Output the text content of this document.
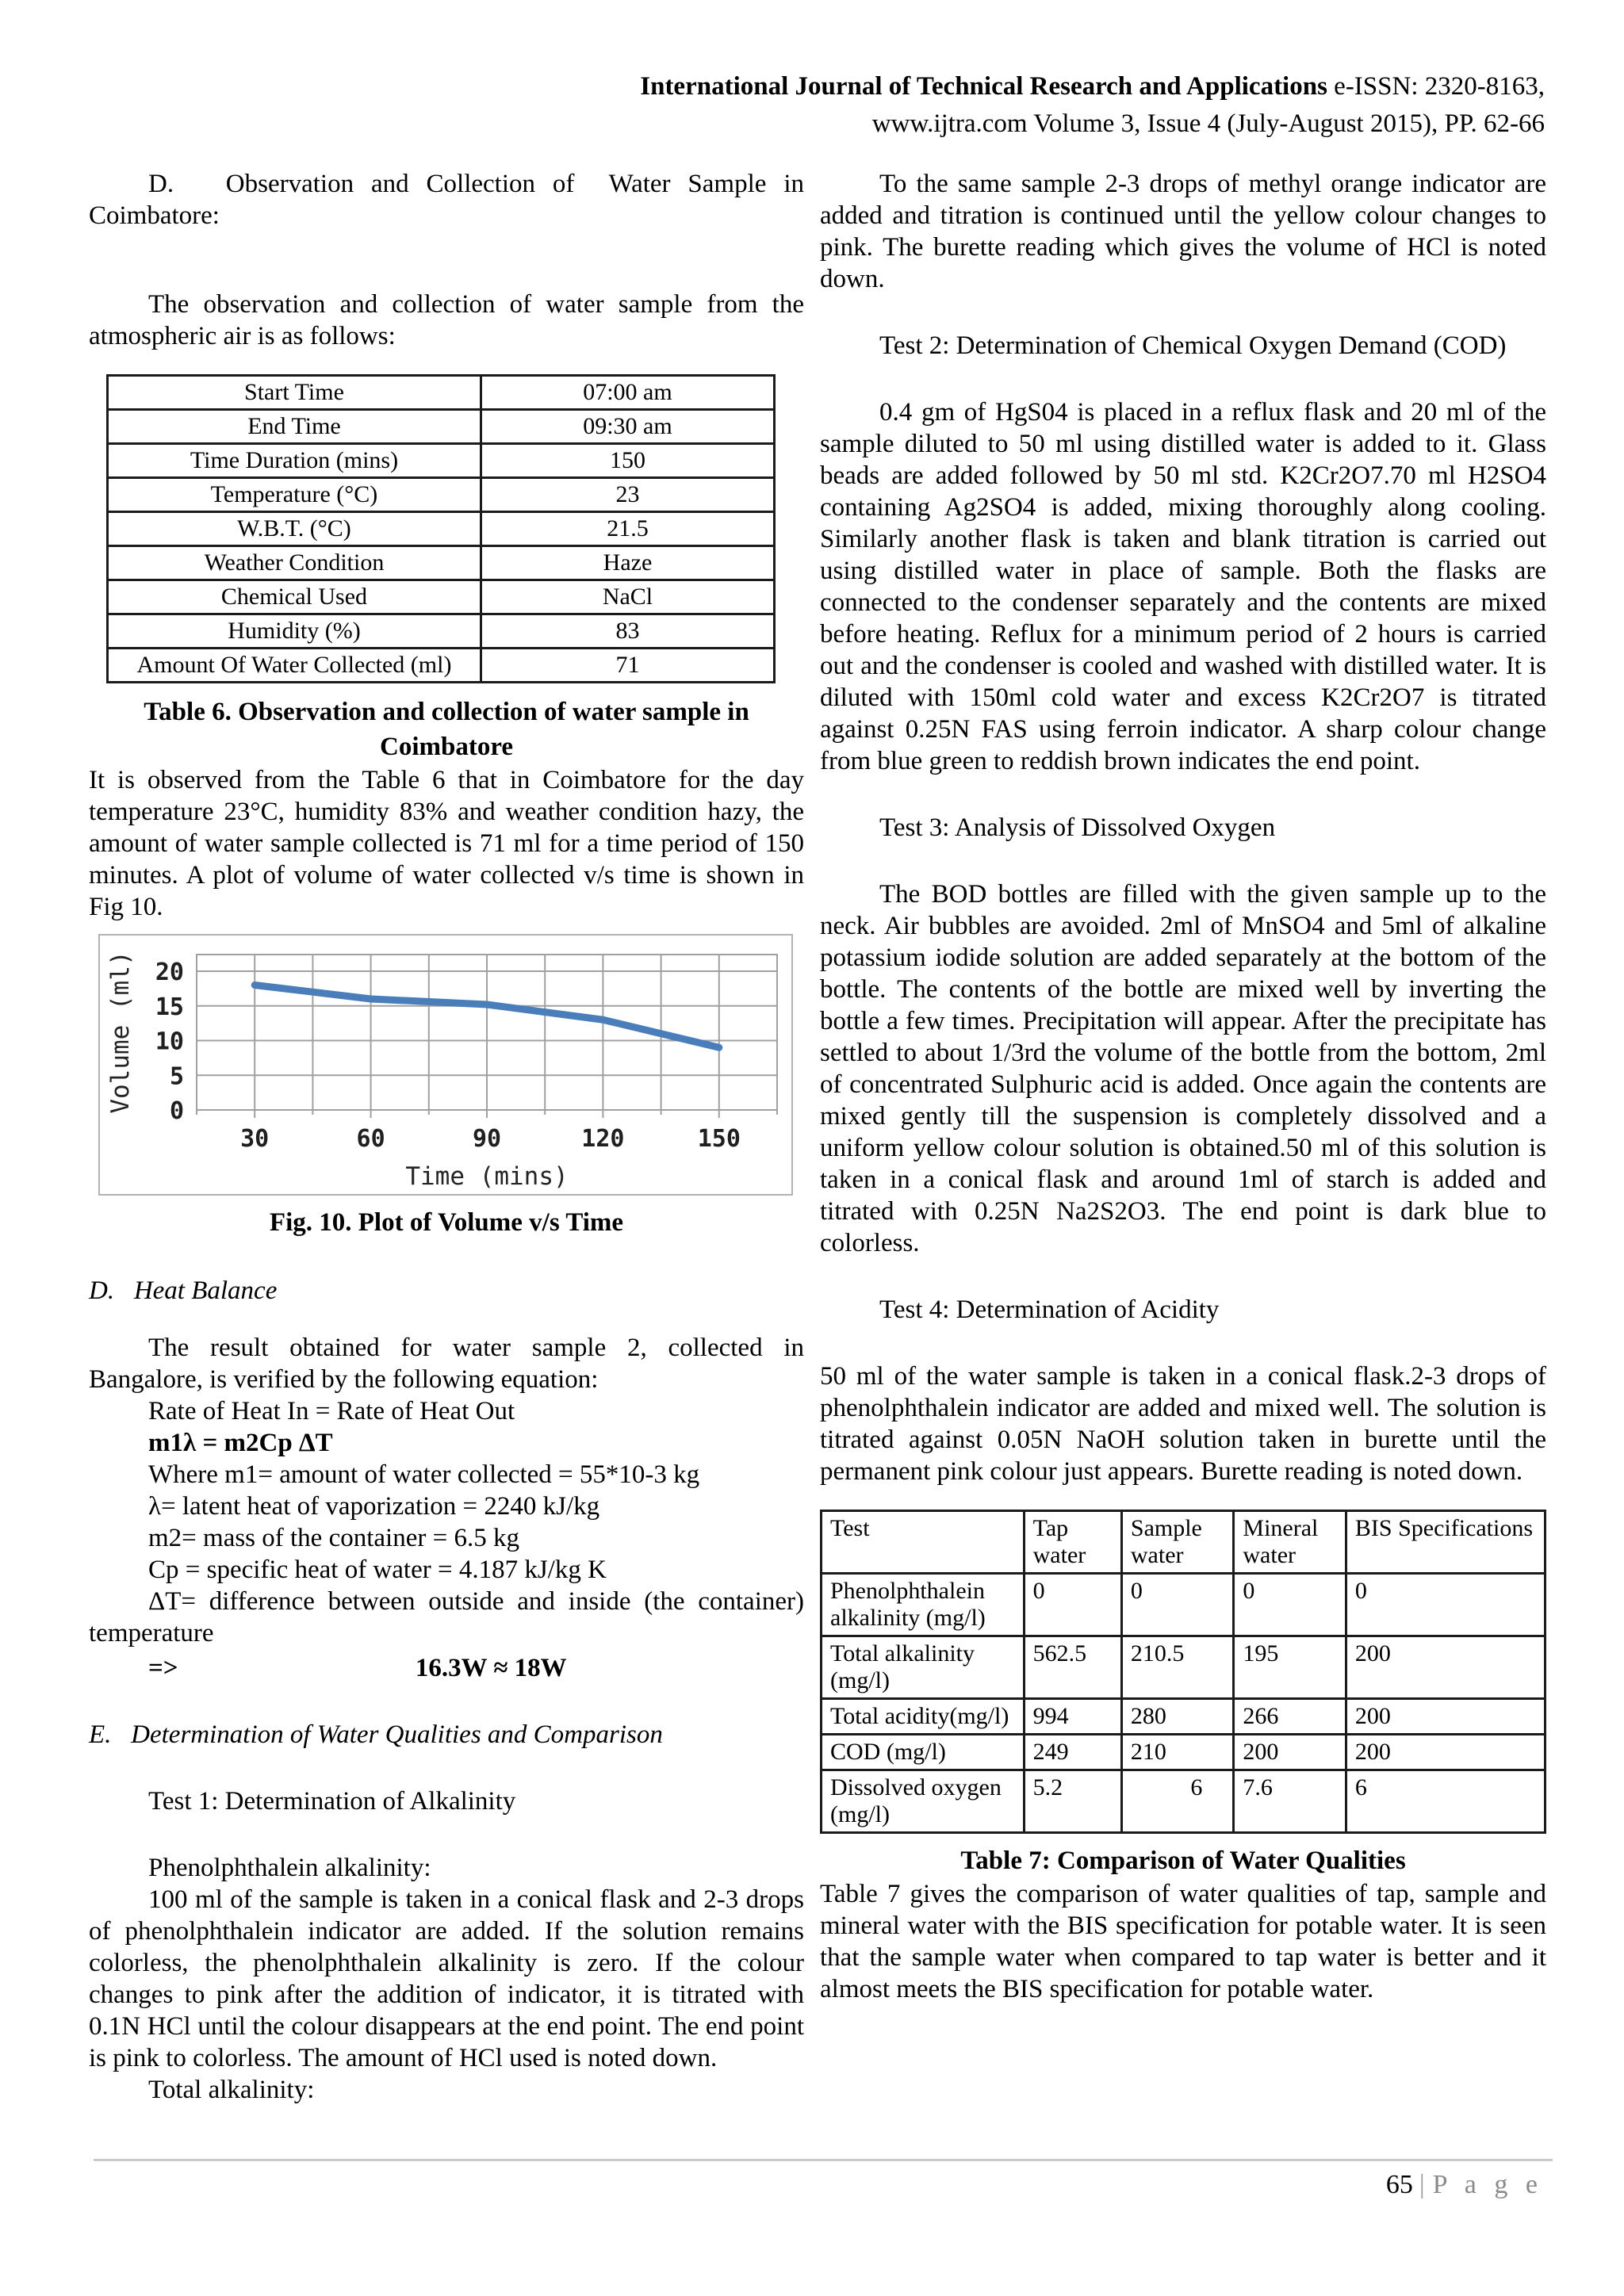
International Journal of Technical Research and Applications e-ISSN: 2320-8163,
www.ijtra.com Volume 3, Issue 4 (July-August 2015), PP. 62-66

D.   Observation and Collection of  Water Sample in Coimbatore:

The observation and collection of water sample from the atmospheric air is as follows:

Start Time	07:00 am
End Time	09:30 am
Time Duration (mins)	150
Temperature (°C)	23
W.B.T. (°C)	21.5
Weather Condition	Haze
Chemical Used	NaCl
Humidity (%)	83
Amount Of Water Collected (ml)	71

Table 6. Observation and collection of water sample in Coimbatore

It is observed from the Table 6 that in Coimbatore for the day temperature 23°C, humidity 83% and weather condition hazy, the amount of water sample collected is 71 ml for a time period of 150 minutes. A plot of volume of water collected v/s time is shown in Fig 10.

30	60	90	120	150
0
5
10
15
20
Time (mins)
Volume (ml)

Fig. 10. Plot of Volume v/s Time

D.   Heat Balance

The result obtained for water sample 2, collected in Bangalore, is verified by the following equation:

Rate of Heat In = Rate of Heat Out

m1λ = m2Cp ΔT

Where m1= amount of water collected = 55*10-3 kg

λ= latent heat of vaporization = 2240 kJ/kg

m2= mass of the container = 6.5 kg

Cp = specific heat of water = 4.187 kJ/kg K

ΔT= difference between outside and inside (the container) temperature

=>	16.3W ≈ 18W

E.   Determination of Water Qualities and Comparison

Test 1: Determination of Alkalinity

Phenolphthalein alkalinity:

100 ml of the sample is taken in a conical flask and 2-3 drops of phenolphthalein indicator are added. If the solution remains colorless, the phenolphthalein alkalinity is zero. If the colour changes to pink after the addition of indicator, it is titrated with 0.1N HCl until the colour disappears at the end point. The end point is pink to colorless. The amount of HCl used is noted down.

Total alkalinity:

To the same sample 2-3 drops of methyl orange indicator are added and titration is continued until the yellow colour changes to pink. The burette reading which gives the volume of HCl is noted down.

Test 2: Determination of Chemical Oxygen Demand (COD)

0.4 gm of HgS04 is placed in a reflux flask and 20 ml of the sample diluted to 50 ml using distilled water is added to it. Glass beads are added followed by 50 ml std. K2Cr2O7.70 ml H2SO4 containing Ag2SO4 is added, mixing thoroughly along cooling. Similarly another flask is taken and blank titration is carried out using distilled water in place of sample. Both the flasks are connected to the condenser separately and the contents are mixed before heating. Reflux for a minimum period of 2 hours is carried out and the condenser is cooled and washed with distilled water. It is diluted with 150ml cold water and excess K2Cr2O7 is titrated against 0.25N FAS using ferroin indicator. A sharp colour change from blue green to reddish brown indicates the end point.

Test 3: Analysis of Dissolved Oxygen

The BOD bottles are filled with the given sample up to the neck. Air bubbles are avoided. 2ml of MnSO4 and 5ml of alkaline potassium iodide solution are added separately at the bottom of the bottle. The contents of the bottle are mixed well by inverting the bottle a few times. Precipitation will appear. After the precipitate has settled to about 1/3rd the volume of the bottle from the bottom, 2ml of concentrated Sulphuric acid is added. Once again the contents are mixed gently till the suspension is completely dissolved and a uniform yellow colour solution is obtained.50 ml of this solution is taken in a conical flask and around 1ml of starch is added and titrated with 0.25N Na2S2O3. The end point is dark blue to colorless.

Test 4: Determination of Acidity

50 ml of the water sample is taken in a conical flask.2-3 drops of phenolphthalein indicator are added and mixed well. The solution is titrated against 0.05N NaOH solution taken in burette until the permanent pink colour just appears. Burette reading is noted down.

Test	Tap water	Sample water	Mineral water	BIS Specifications
Phenolphthalein alkalinity (mg/l)	0	0	0	0
Total alkalinity (mg/l)	562.5	210.5	195	200
Total acidity(mg/l)	994	280	266	200
COD (mg/l)	249	210	200	200
Dissolved oxygen (mg/l)	5.2	6	7.6	6

Table 7: Comparison of Water Qualities

Table 7 gives the comparison of water qualities of tap, sample and mineral water with the BIS specification for potable water. It is seen that the sample water when compared to tap water is better and it almost meets the BIS specification for potable water.

65 | P a g e
